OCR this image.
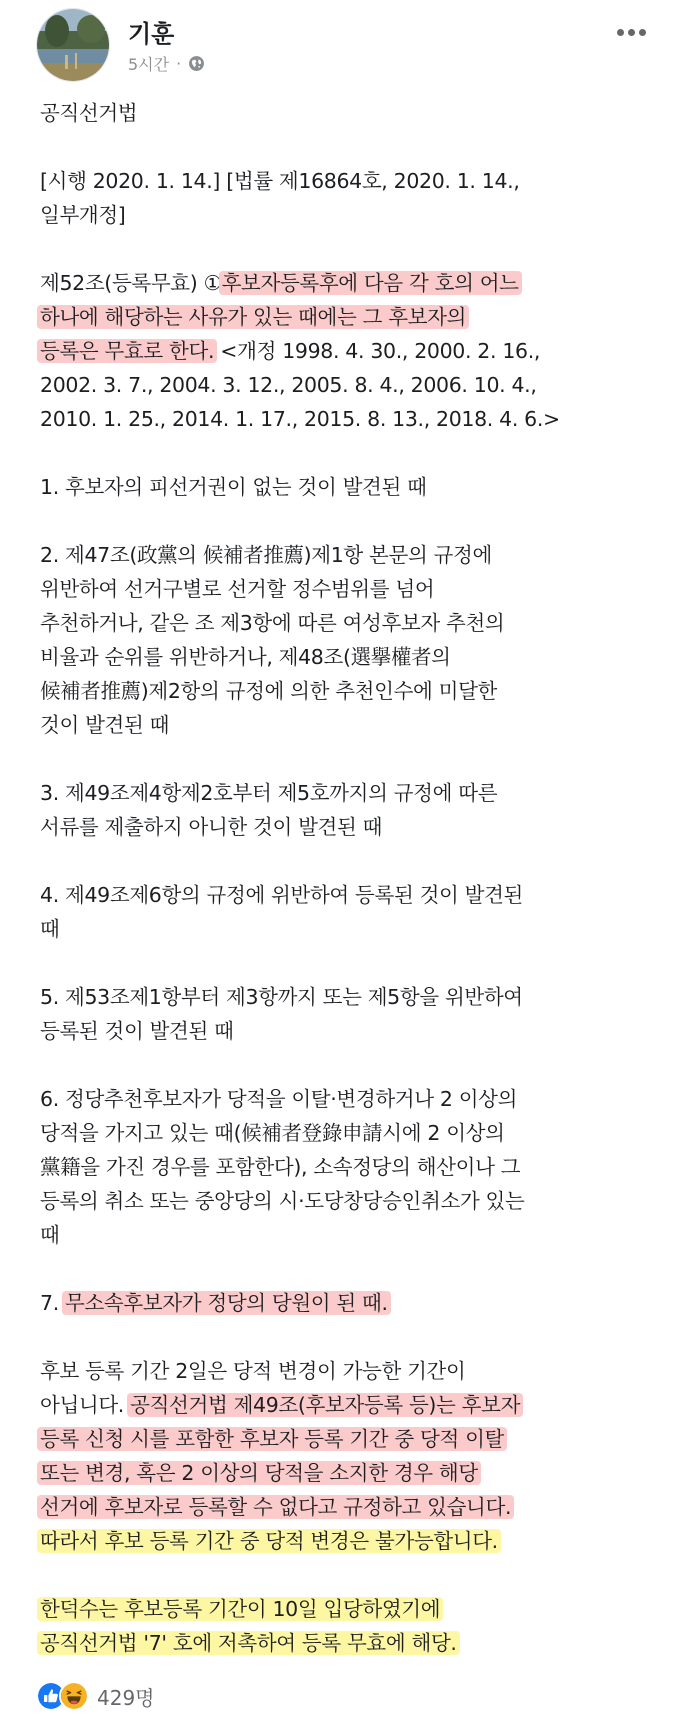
기훈
5시간 ·

공직선거법

[시행 2020. 1. 14.] [법률 제16864호, 2020. 1. 14.,
일부개정]

제52조(등록무효) ①후보자등록후에 다음 각 호의 어느
하나에 해당하는 사유가 있는 때에는 그 후보자의
등록은 무효로 한다. <개정 1998. 4. 30., 2000. 2. 16.,
2002. 3. 7., 2004. 3. 12., 2005. 8. 4., 2006. 10. 4.,
2010. 1. 25., 2014. 1. 17., 2015. 8. 13., 2018. 4. 6.>

1. 후보자의 피선거권이 없는 것이 발견된 때

2. 제47조(政黨의 候補者推薦)제1항 본문의 규정에
위반하여 선거구별로 선거할 정수범위를 넘어
추천하거나, 같은 조 제3항에 따른 여성후보자 추천의
비율과 순위를 위반하거나, 제48조(選擧權者의
候補者推薦)제2항의 규정에 의한 추천인수에 미달한
것이 발견된 때

3. 제49조제4항제2호부터 제5호까지의 규정에 따른
서류를 제출하지 아니한 것이 발견된 때

4. 제49조제6항의 규정에 위반하여 등록된 것이 발견된
때

5. 제53조제1항부터 제3항까지 또는 제5항을 위반하여
등록된 것이 발견된 때

6. 정당추천후보자가 당적을 이탈·변경하거나 2 이상의
당적을 가지고 있는 때(候補者登錄申請시에 2 이상의
黨籍을 가진 경우를 포함한다), 소속정당의 해산이나 그
등록의 취소 또는 중앙당의 시·도당창당승인취소가 있는
때

7. 무소속후보자가 정당의 당원이 된 때.

후보 등록 기간 2일은 당적 변경이 가능한 기간이
아닙니다. 공직선거법 제49조(후보자등록 등)는 후보자
등록 신청 시를 포함한 후보자 등록 기간 중 당적 이탈
또는 변경, 혹은 2 이상의 당적을 소지한 경우 해당
선거에 후보자로 등록할 수 없다고 규정하고 있습니다.
따라서 후보 등록 기간 중 당적 변경은 불가능합니다.

한덕수는 후보등록 기간이 10일 입당하였기에
공직선거법 '7' 호에 저촉하여 등록 무효에 해당.

429명
